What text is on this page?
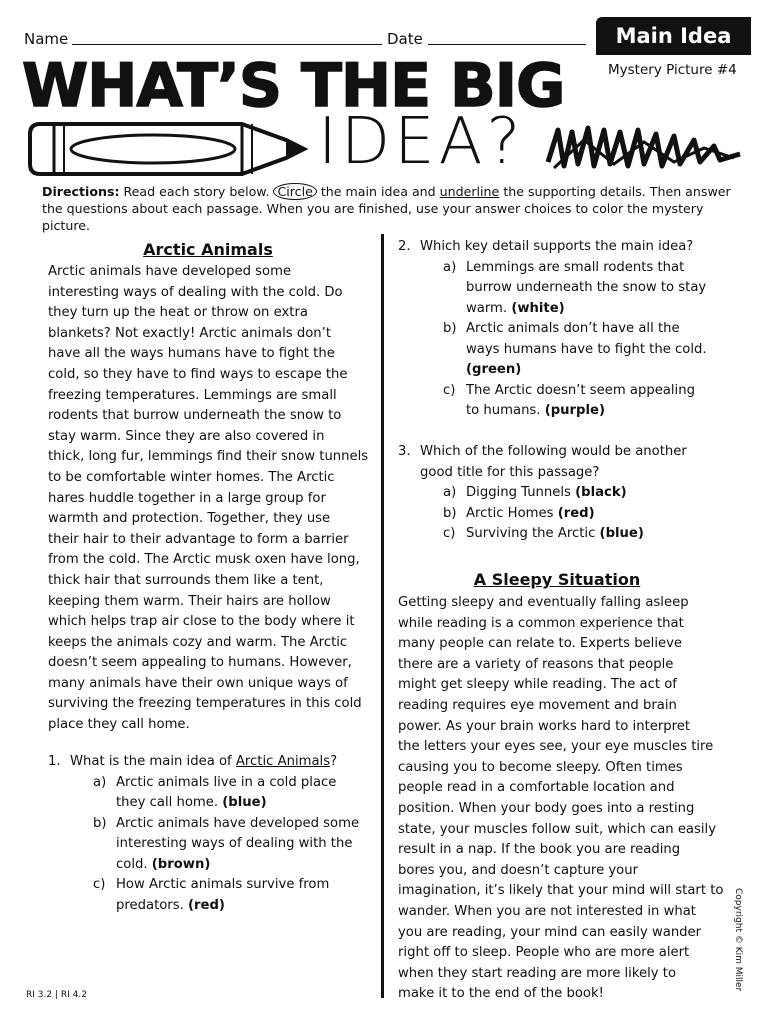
Name	Date	Main Idea
Mystery Picture #4
WHAT’S THE BIG
IDEA?
Directions: Read each story below. Circle the main idea and underline the supporting details. Then answer the questions about each passage. When you are finished, use your answer choices to color the mystery picture.
Arctic Animals
Arctic animals have developed some
interesting ways of dealing with the cold. Do
they turn up the heat or throw on extra
blankets? Not exactly! Arctic animals don’t
have all the ways humans have to fight the
cold, so they have to find ways to escape the
freezing temperatures. Lemmings are small
rodents that burrow underneath the snow to
stay warm. Since they are also covered in
thick, long fur, lemmings find their snow tunnels
to be comfortable winter homes. The Arctic
hares huddle together in a large group for
warmth and protection. Together, they use
their hair to their advantage to form a barrier
from the cold. The Arctic musk oxen have long,
thick hair that surrounds them like a tent,
keeping them warm. Their hairs are hollow
which helps trap air close to the body where it
keeps the animals cozy and warm. The Arctic
doesn’t seem appealing to humans. However,
many animals have their own unique ways of
surviving the freezing temperatures in this cold
place they call home.
1. What is the main idea of Arctic Animals?
a) Arctic animals live in a cold place
they call home. (blue)
b) Arctic animals have developed some
interesting ways of dealing with the
cold. (brown)
c) How Arctic animals survive from
predators. (red)
2. Which key detail supports the main idea?
a) Lemmings are small rodents that
burrow underneath the snow to stay
warm. (white)
b) Arctic animals don’t have all the
ways humans have to fight the cold.
(green)
c) The Arctic doesn’t seem appealing
to humans. (purple)
3. Which of the following would be another
good title for this passage?
a) Digging Tunnels (black)
b) Arctic Homes (red)
c) Surviving the Arctic (blue)
A Sleepy Situation
Getting sleepy and eventually falling asleep
while reading is a common experience that
many people can relate to. Experts believe
there are a variety of reasons that people
might get sleepy while reading. The act of
reading requires eye movement and brain
power. As your brain works hard to interpret
the letters your eyes see, your eye muscles tire
causing you to become sleepy. Often times
people read in a comfortable location and
position. When your body goes into a resting
state, your muscles follow suit, which can easily
result in a nap. If the book you are reading
bores you, and doesn’t capture your
imagination, it’s likely that your mind will start to
wander. When you are not interested in what
you are reading, your mind can easily wander
right off to sleep. People who are more alert
when they start reading are more likely to
make it to the end of the book!
RI 3.2 | RI 4.2
Copyright © Kim Miller
